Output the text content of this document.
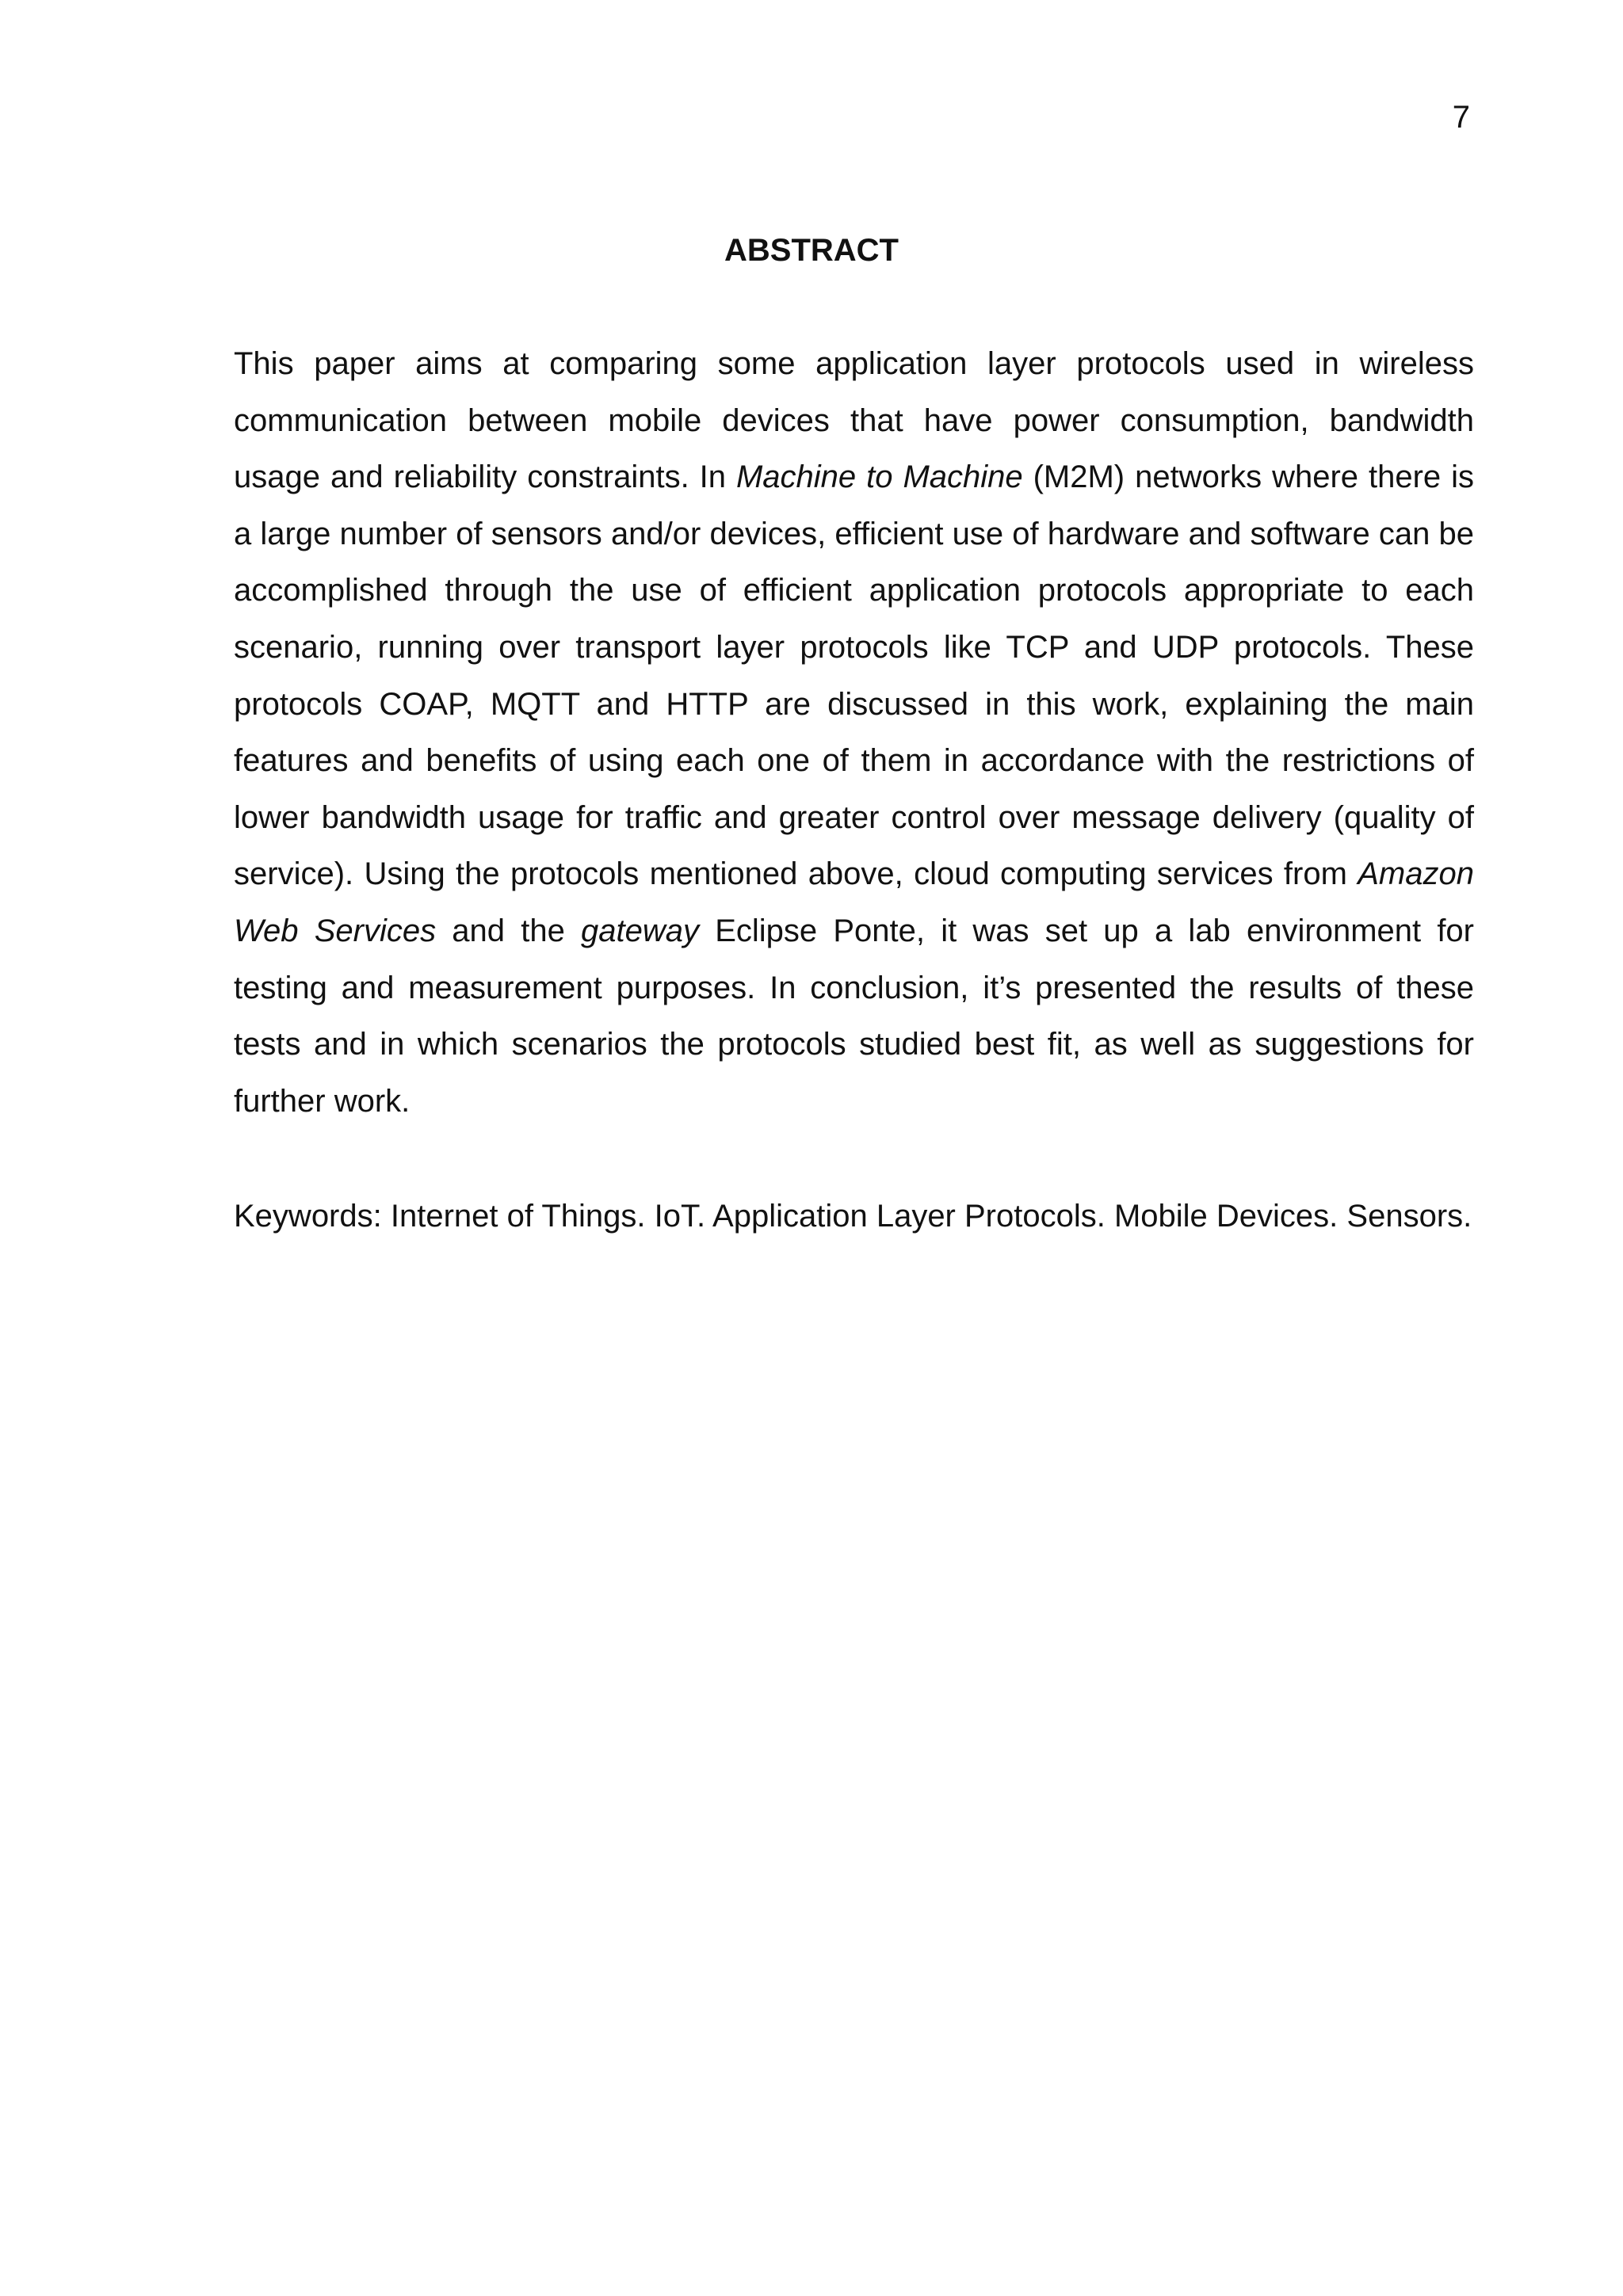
7
ABSTRACT

This paper aims at comparing some application layer protocols used in wireless communication between mobile devices that have power consumption, bandwidth usage and reliability constraints. In Machine to Machine (M2M) networks where there is a large number of sensors and/or devices, efficient use of hardware and software can be accomplished through the use of efficient application protocols appropriate to each scenario, running over transport layer protocols like TCP and UDP protocols. These protocols COAP, MQTT and HTTP are discussed in this work, explaining the main features and benefits of using each one of them in accordance with the restrictions of lower bandwidth usage for traffic and greater control over message delivery (quality of service). Using the protocols mentioned above, cloud computing services from Amazon Web Services and the gateway Eclipse Ponte, it was set up a lab environment for testing and measurement purposes. In conclusion, it’s presented the results of these tests and in which scenarios the protocols studied best fit, as well as suggestions for further work.

Keywords: Internet of Things. IoT. Application Layer Protocols. Mobile Devices. Sensors.
